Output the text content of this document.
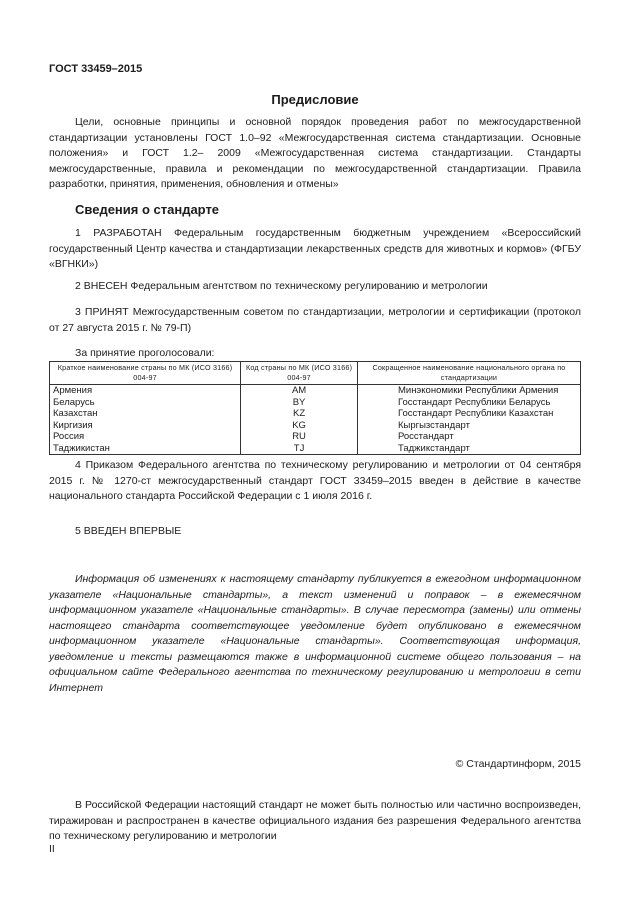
ГОСТ 33459–2015
Предисловие

Цели, основные принципы и основной порядок проведения работ по межгосударственной стандартизации установлены ГОСТ 1.0–92 «Межгосударственная система стандартизации. Основные положения» и ГОСТ 1.2– 2009 «Межгосударственная система стандартизации. Стандарты межгосударственные, правила и рекомендации по межгосударственной стандартизации. Правила разработки, принятия, применения, обновления и отмены»

Сведения о стандарте

1 РАЗРАБОТАН Федеральным государственным бюджетным учреждением «Всероссийский государственный Центр качества и стандартизации лекарственных средств для животных и кормов» (ФГБУ «ВГНКИ»)

2 ВНЕСЕН Федеральным агентством по техническому регулированию и метрологии

3 ПРИНЯТ Межгосударственным советом по стандартизации, метрологии и сертификации (протокол от 27 августа 2015 г. № 79-П)

За принятие проголосовали:
Краткое наименование страны по МК (ИСО 3166) 004-97	Код страны по МК (ИСО 3166) 004-97	Сокращенное наименование национального органа по стандартизации
Армения	AM	Минэкономики Республики Армения
Беларусь	BY	Госстандарт Республики Беларусь
Казахстан	KZ	Госстандарт Республики Казахстан
Киргизия	KG	Кыргызстандарт
Россия	RU	Росстандарт
Таджикистан	TJ	Таджикстандарт

4 Приказом Федерального агентства по техническому регулированию и метрологии от 04 сентября 2015 г. № 1270-ст межгосударственный стандарт ГОСТ 33459–2015 введен в действие в качестве национального стандарта Российской Федерации с 1 июля 2016 г.

5 ВВЕДЕН ВПЕРВЫЕ

Информация об изменениях к настоящему стандарту публикуется в ежегодном информационном указателе «Национальные стандарты», а текст изменений и поправок – в ежемесячном информационном указателе «Национальные стандарты». В случае пересмотра (замены) или отмены настоящего стандарта соответствующее уведомление будет опубликовано в ежемесячном информационном указателе «Национальные стандарты». Соответствующая информация, уведомление и тексты размещаются также в информационной системе общего пользования – на официальном сайте Федерального агентства по техническому регулированию и метрологии в сети Интернет

© Стандартинформ, 2015

В Российской Федерации настоящий стандарт не может быть полностью или частично воспроизведен, тиражирован и распространен в качестве официального издания без разрешения Федерального агентства по техническому регулированию и метрологии

II
